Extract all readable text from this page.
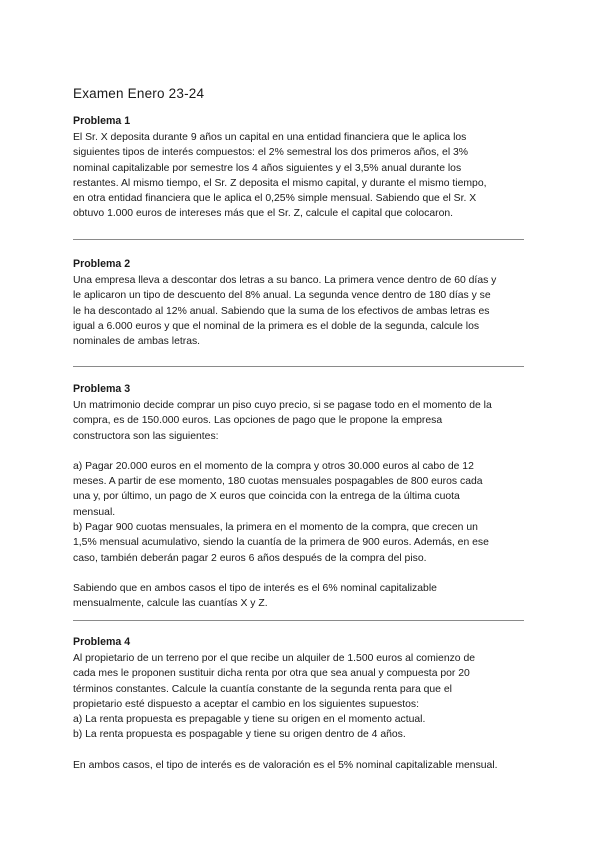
Examen Enero 23-24

Problema 1

El Sr. X deposita durante 9 años un capital en una entidad financiera que le aplica los

siguientes tipos de interés compuestos: el 2% semestral los dos primeros años, el 3%

nominal capitalizable por semestre los 4 años siguientes y el 3,5% anual durante los

restantes. Al mismo tiempo, el Sr. Z deposita el mismo capital, y durante el mismo tiempo,

en otra entidad financiera que le aplica el 0,25% simple mensual. Sabiendo que el Sr. X

obtuvo 1.000 euros de intereses más que el Sr. Z, calcule el capital que colocaron.

Problema 2

Una empresa lleva a descontar dos letras a su banco. La primera vence dentro de 60 días y

le aplicaron un tipo de descuento del 8% anual. La segunda vence dentro de 180 días y se

le ha descontado al 12% anual. Sabiendo que la suma de los efectivos de ambas letras es

igual a 6.000 euros y que el nominal de la primera es el doble de la segunda, calcule los

nominales de ambas letras.

Problema 3

Un matrimonio decide comprar un piso cuyo precio, si se pagase todo en el momento de la

compra, es de 150.000 euros. Las opciones de pago que le propone la empresa

constructora son las siguientes:

a) Pagar 20.000 euros en el momento de la compra y otros 30.000 euros al cabo de 12

meses. A partir de ese momento, 180 cuotas mensuales pospagables de 800 euros cada

una y, por último, un pago de X euros que coincida con la entrega de la última cuota

mensual.

b) Pagar 900 cuotas mensuales, la primera en el momento de la compra, que crecen un

1,5% mensual acumulativo, siendo la cuantía de la primera de 900 euros. Además, en ese

caso, también deberán pagar 2 euros 6 años después de la compra del piso.

Sabiendo que en ambos casos el tipo de interés es el 6% nominal capitalizable

mensualmente, calcule las cuantías X y Z.

Problema 4

Al propietario de un terreno por el que recibe un alquiler de 1.500 euros al comienzo de

cada mes le proponen sustituir dicha renta por otra que sea anual y compuesta por 20

términos constantes. Calcule la cuantía constante de la segunda renta para que el

propietario esté dispuesto a aceptar el cambio en los siguientes supuestos:

a) La renta propuesta es prepagable y tiene su origen en el momento actual.

b) La renta propuesta es pospagable y tiene su origen dentro de 4 años.

En ambos casos, el tipo de interés es de valoración es el 5% nominal capitalizable mensual.
